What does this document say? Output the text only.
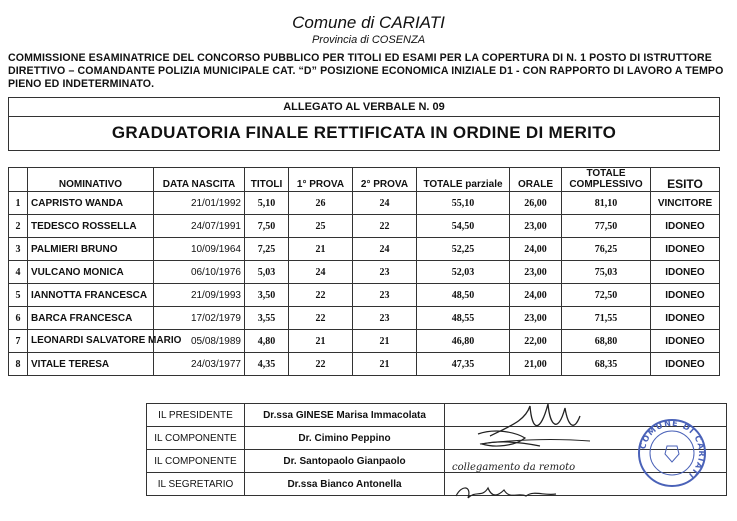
Comune di CARIATI
Provincia di COSENZA
COMMISSIONE ESAMINATRICE DEL CONCORSO PUBBLICO PER TITOLI ED ESAMI PER LA COPERTURA DI N. 1 POSTO DI ISTRUTTORE DIRETTIVO – COMANDANTE POLIZIA MUNICIPALE CAT. “D” POSIZIONE ECONOMICA INIZIALE D1 - CON RAPPORTO DI LAVORO A TEMPO PIENO ED INDETERMINATO.
ALLEGATO AL VERBALE N. 09
GRADUATORIA FINALE RETTIFICATA IN ORDINE DI MERITO
	NOMINATIVO	DATA NASCITA	TITOLI	1° PROVA	2° PROVA	TOTALE parziale	ORALE	TOTALE COMPLESSIVO	ESITO
1	CAPRISTO WANDA	21/01/1992	5,10	26	24	55,10	26,00	81,10	VINCITORE
2	TEDESCO ROSSELLA	24/07/1991	7,50	25	22	54,50	23,00	77,50	IDONEO
3	PALMIERI BRUNO	10/09/1964	7,25	21	24	52,25	24,00	76,25	IDONEO
4	VULCANO MONICA	06/10/1976	5,03	24	23	52,03	23,00	75,03	IDONEO
5	IANNOTTA FRANCESCA	21/09/1993	3,50	22	23	48,50	24,00	72,50	IDONEO
6	BARCA FRANCESCA	17/02/1979	3,55	22	23	48,55	23,00	71,55	IDONEO
7	LEONARDI SALVATORE MARIO	05/08/1989	4,80	21	21	46,80	22,00	68,80	IDONEO
8	VITALE TERESA	24/03/1977	4,35	22	21	47,35	21,00	68,35	IDONEO
IL PRESIDENTE	Dr.ssa GINESE Marisa Immacolata	
IL COMPONENTE	Dr. Cimino Peppino	
IL COMPONENTE	Dr. Santopaolo Gianpaolo	
IL SEGRETARIO	Dr.ssa Bianco Antonella	
collegamento da remoto
COMUNE DI CARIATI
